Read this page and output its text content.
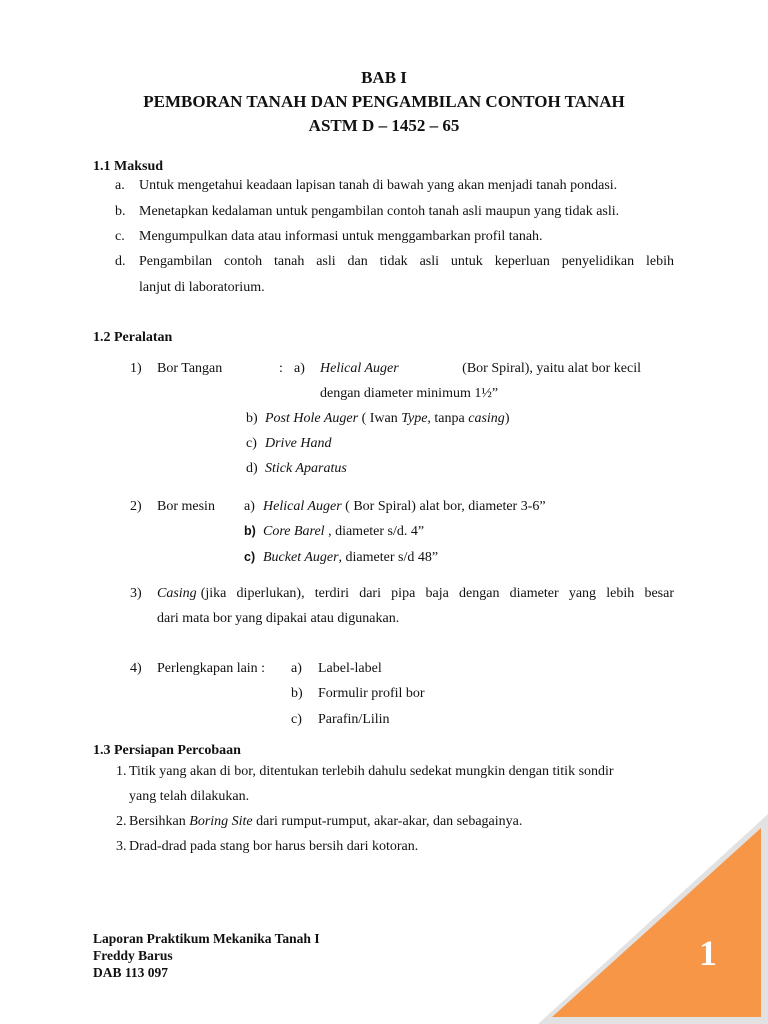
BAB I
PEMBORAN TANAH DAN PENGAMBILAN CONTOH TANAH
ASTM D – 1452 – 65
1.1 Maksud
a. Untuk mengetahui keadaan lapisan tanah di bawah yang akan menjadi tanah pondasi.
b. Menetapkan kedalaman untuk pengambilan contoh tanah asli maupun yang tidak asli.
c. Mengumpulkan data atau informasi untuk menggambarkan profil tanah.
d. Pengambilan contoh tanah asli dan tidak asli untuk keperluan penyelidikan lebih
lanjut di laboratorium.
1.2 Peralatan
1) Bor Tangan	: a) Helical Auger	(Bor Spiral), yaitu alat bor kecil
dengan diameter minimum 1½”
b) Post Hole Auger ( Iwan Type, tanpa casing)
c) Drive Hand
d) Stick Aparatus
2) Bor mesin a) Helical Auger ( Bor Spiral) alat bor, diameter 3-6”
b) Core Barel , diameter s/d. 4”
c) Bucket Auger, diameter s/d 48”
3) Casing (jika diperlukan), terdiri dari pipa baja dengan diameter yang lebih besar
dari mata bor yang dipakai atau digunakan.
4) Perlengkapan lain : a) Label-label
b) Formulir profil bor
c) Parafin/Lilin
1.3 Persiapan Percobaan
1. Titik yang akan di bor, ditentukan terlebih dahulu sedekat mungkin dengan titik sondir
yang telah dilakukan.
2. Bersihkan Boring Site dari rumput-rumput, akar-akar, dan sebagainya.
3. Drad-drad pada stang bor harus bersih dari kotoran.
Laporan Praktikum Mekanika Tanah I
Freddy Barus
DAB 113 097	1
